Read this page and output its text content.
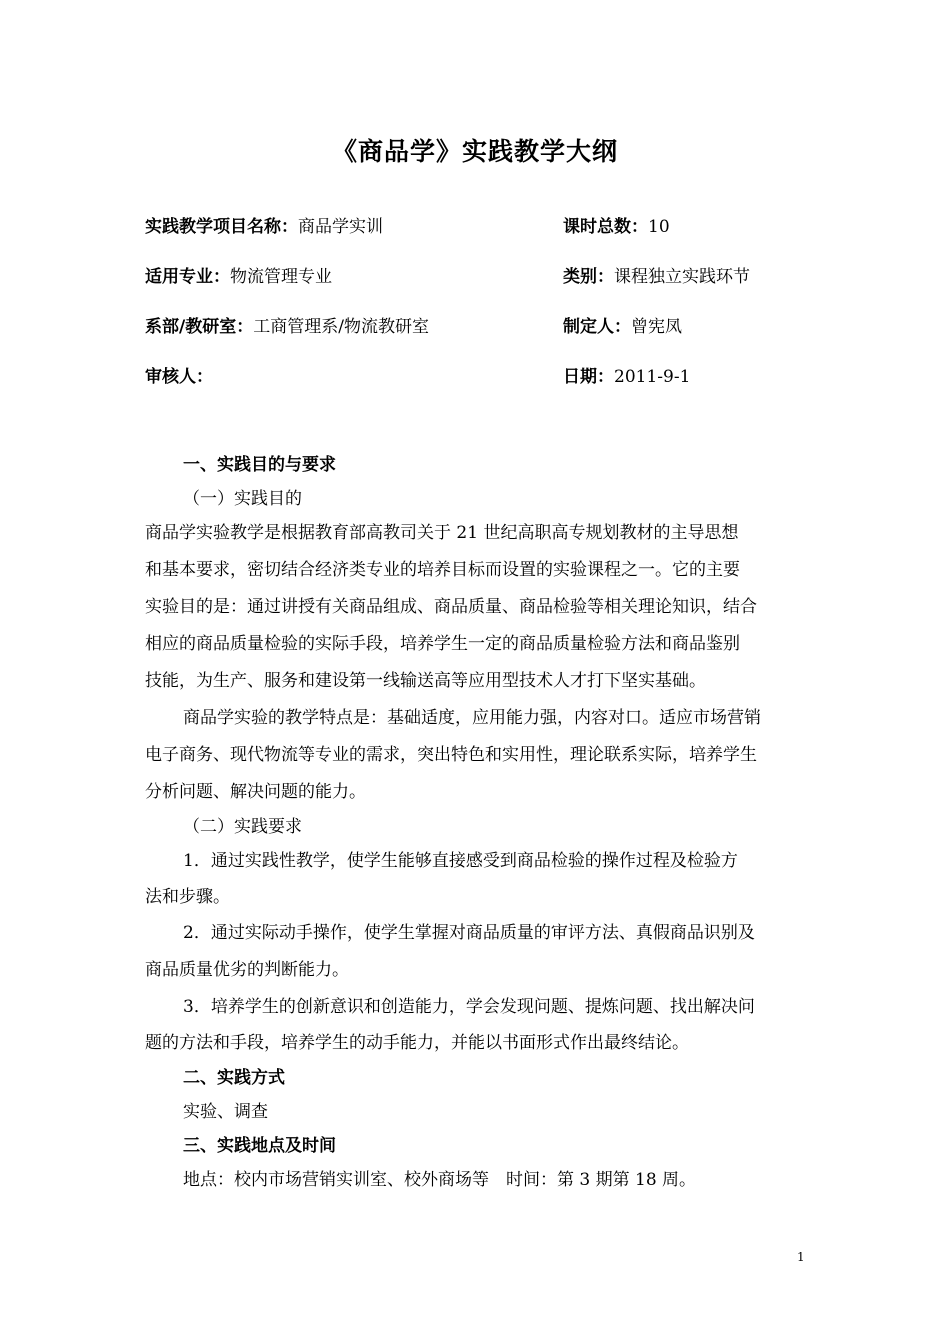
《商品学》实践教学大纲
实践教学项目名称：商品学实训	课时总数：10
适用专业：物流管理专业	类别：课程独立实践环节
系部/教研室：工商管理系/物流教研室	制定人：曾宪凤
审核人：	日期：2011-9-1
一、实践目的与要求
（一）实践目的
商品学实验教学是根据教育部高教司关于 21 世纪高职高专规划教材的主导思想
和基本要求，密切结合经济类专业的培养目标而设置的实验课程之一。它的主要
实验目的是：通过讲授有关商品组成、商品质量、商品检验等相关理论知识，结合
相应的商品质量检验的实际手段，培养学生一定的商品质量检验方法和商品鉴别
技能，为生产、服务和建设第一线输送高等应用型技术人才打下坚实基础。
商品学实验的教学特点是：基础适度，应用能力强，内容对口。适应市场营销
电子商务、现代物流等专业的需求，突出特色和实用性，理论联系实际，培养学生
分析问题、解决问题的能力。
（二）实践要求
1．通过实践性教学，使学生能够直接感受到商品检验的操作过程及检验方
法和步骤。
2．通过实际动手操作，使学生掌握对商品质量的审评方法、真假商品识别及
商品质量优劣的判断能力。
3．培养学生的创新意识和创造能力，学会发现问题、提炼问题、找出解决问
题的方法和手段，培养学生的动手能力，并能以书面形式作出最终结论。
二、实践方式
实验、调查
三、实践地点及时间
地点：校内市场营销实训室、校外商场等　时间：第 3 期第 18 周。
1
